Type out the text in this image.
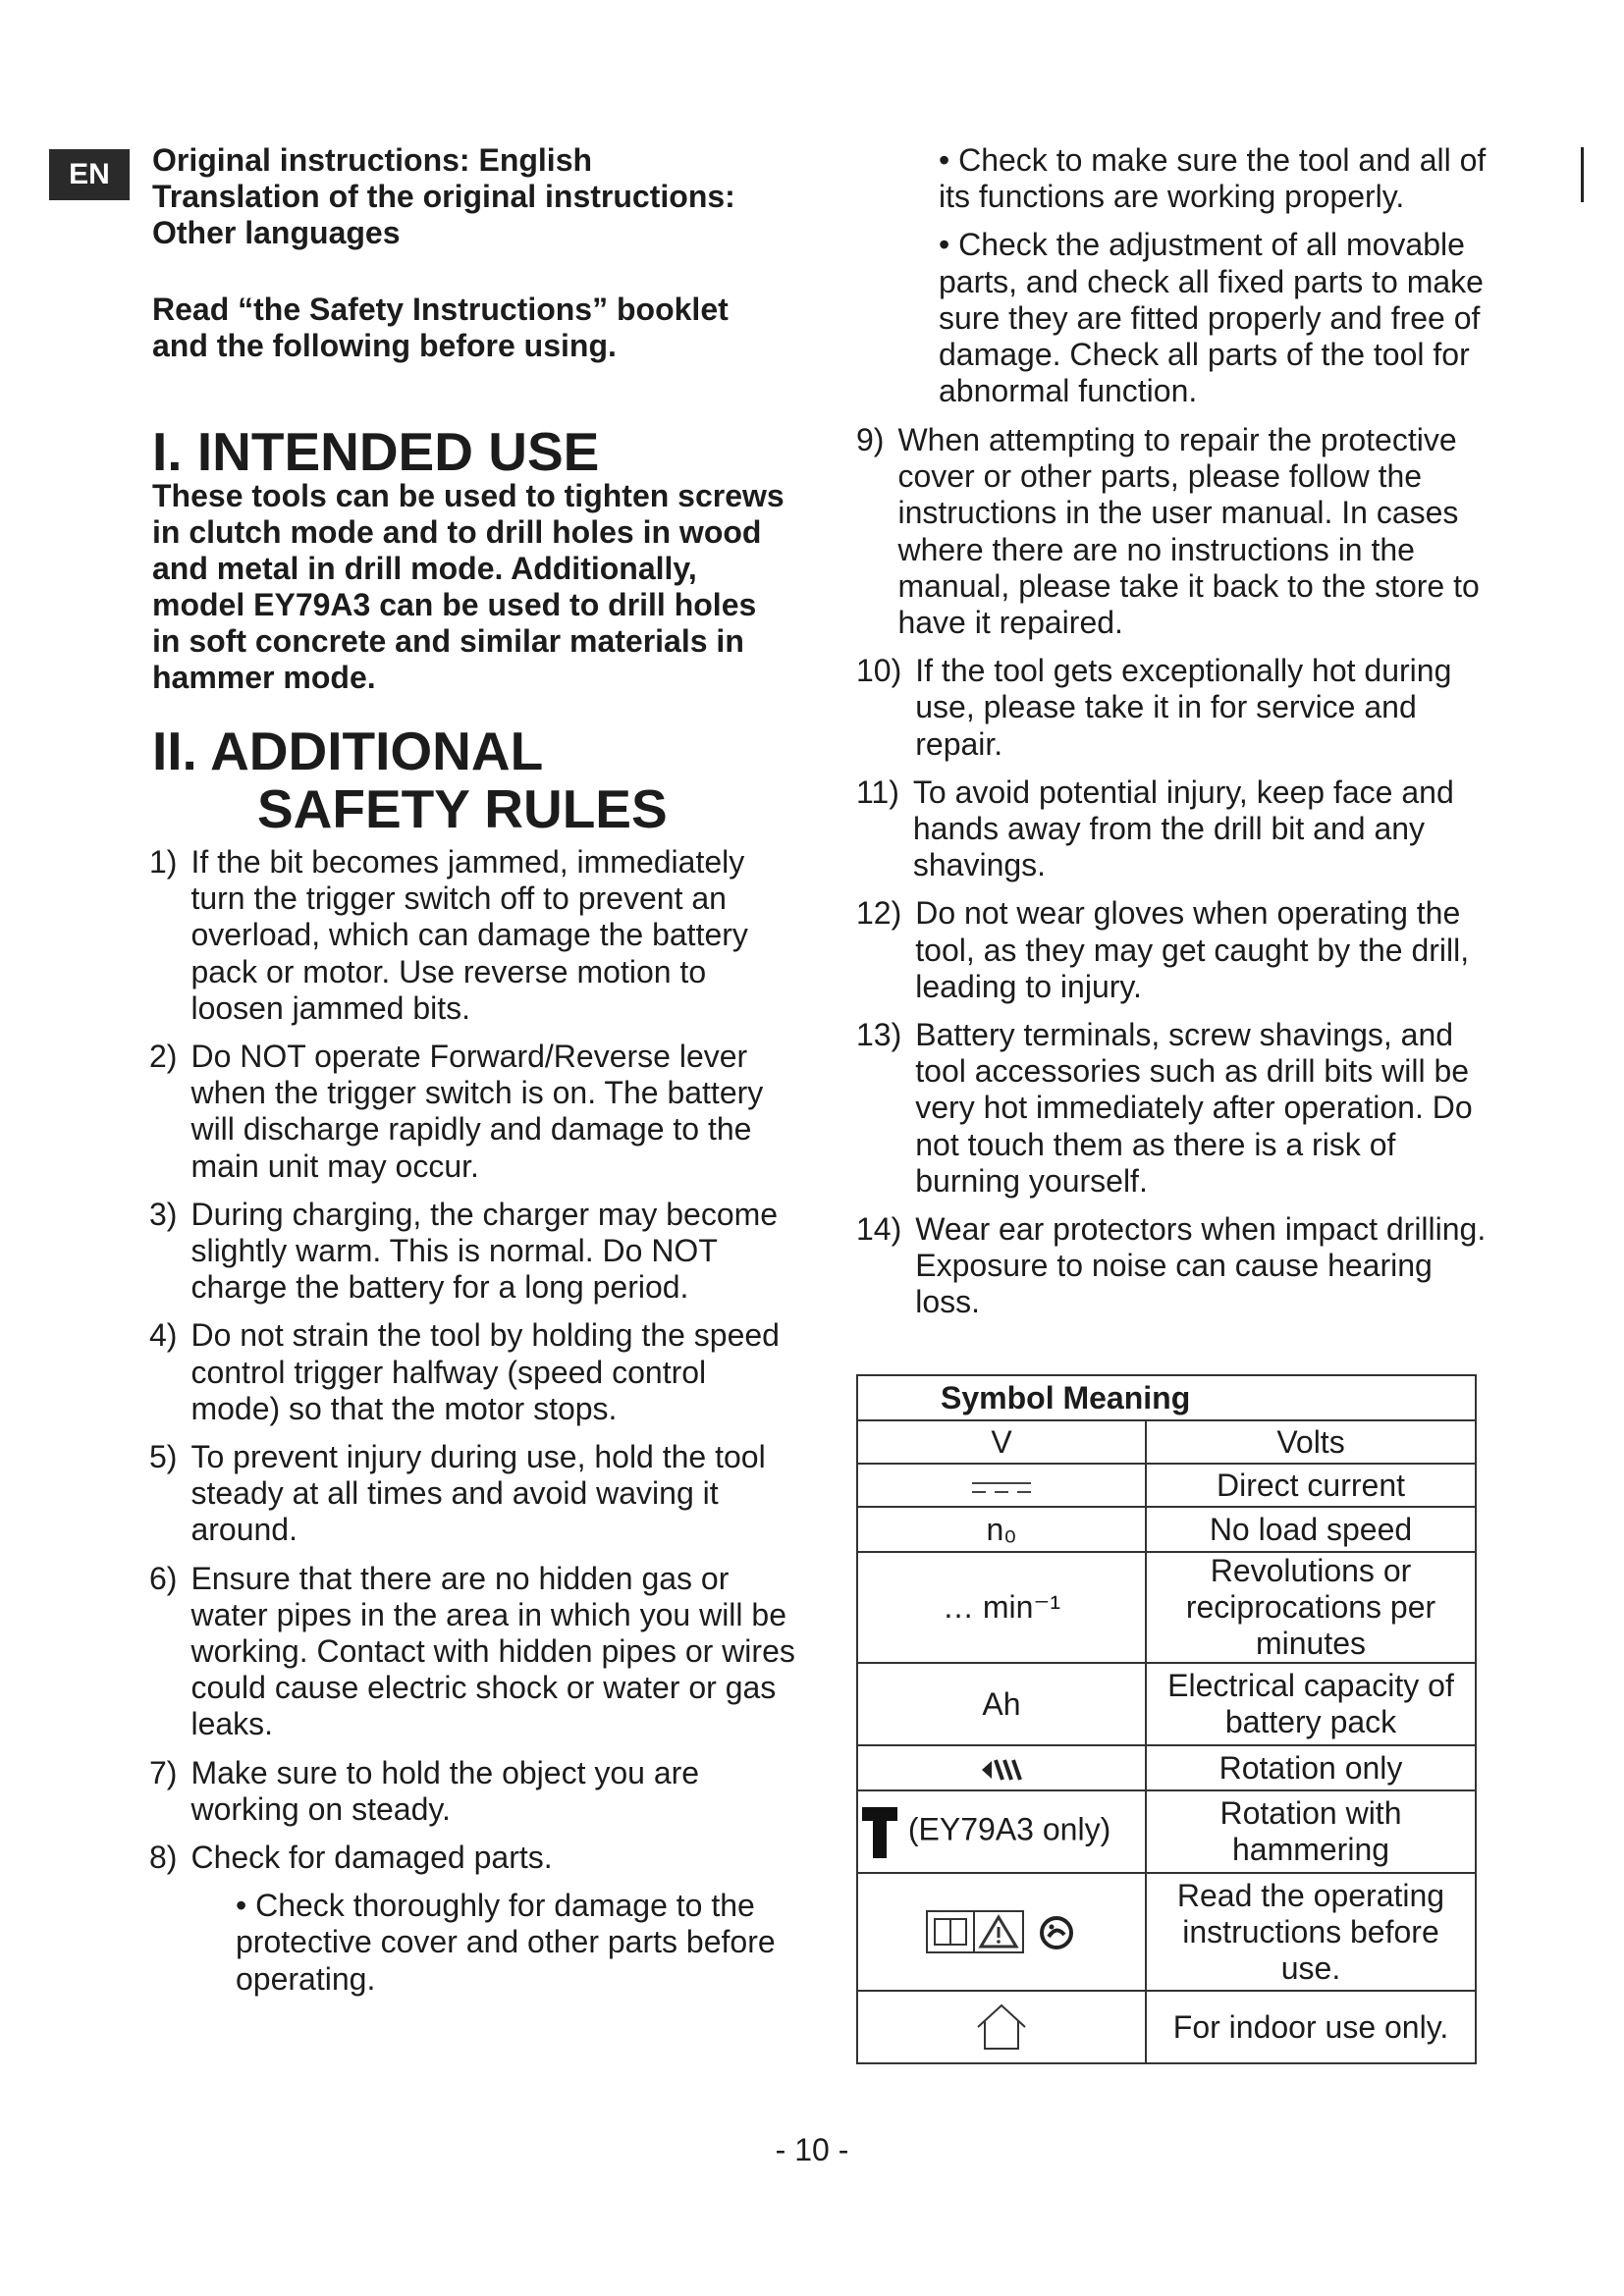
EN	Original instructions: English

Translation of the original instructions:

Other languages

Read “the Safety Instructions” booklet and the following before using.
I. INTENDED USE
These tools can be used to tighten screws in clutch mode and to drill holes in wood and metal in drill mode. Additionally, model EY79A3 can be used to drill holes in soft concrete and similar materials in hammer mode.
II. ADDITIONAL
SAFETY RULES
1) If the bit becomes jammed, immediately turn the trigger switch off to prevent an overload, which can damage the battery pack or motor. Use reverse motion to loosen jammed bits.
2) Do NOT operate Forward/Reverse lever when the trigger switch is on. The battery will discharge rapidly and damage to the main unit may occur.
3) During charging, the charger may become slightly warm. This is normal. Do NOT charge the battery for a long period.
4) Do not strain the tool by holding the speed control trigger halfway (speed control mode) so that the motor stops.
5) To prevent injury during use, hold the tool steady at all times and avoid waving it around.
6) Ensure that there are no hidden gas or water pipes in the area in which you will be working. Contact with hidden pipes or wires could cause electric shock or water or gas leaks.
7) Make sure to hold the object you are working on steady.
8) Check for damaged parts.
• Check thoroughly for damage to the protective cover and other parts before operating.

• Check to make sure the tool and all of its functions are working properly.

• Check the adjustment of all movable parts, and check all fixed parts to make sure they are fitted properly and free of damage. Check all parts of the tool for abnormal function.

9) When attempting to repair the protective cover or other parts, please follow the instructions in the user manual. In cases where there are no instructions in the manual, please take it back to the store to have it repaired.
10) If the tool gets exceptionally hot during use, please take it in for service and repair.
11) To avoid potential injury, keep face and hands away from the drill bit and any shavings.
12) Do not wear gloves when operating the tool, as they may get caught by the drill, leading to injury.
13) Battery terminals, screw shavings, and tool accessories such as drill bits will be very hot immediately after operation. Do not touch them as there is a risk of burning yourself.
14) Wear ear protectors when impact drilling.
Exposure to noise can cause hearing loss.
Symbol Meaning	
V	Volts
	Direct current
n₀	No load speed
… min⁻¹	Revolutions or reciprocations per minutes
Ah	Electrical capacity of battery pack
	Rotation only
(EY79A3 only)	Rotation with hammering
	Read the operating instructions before use.
	For indoor use only.
- 10 -
